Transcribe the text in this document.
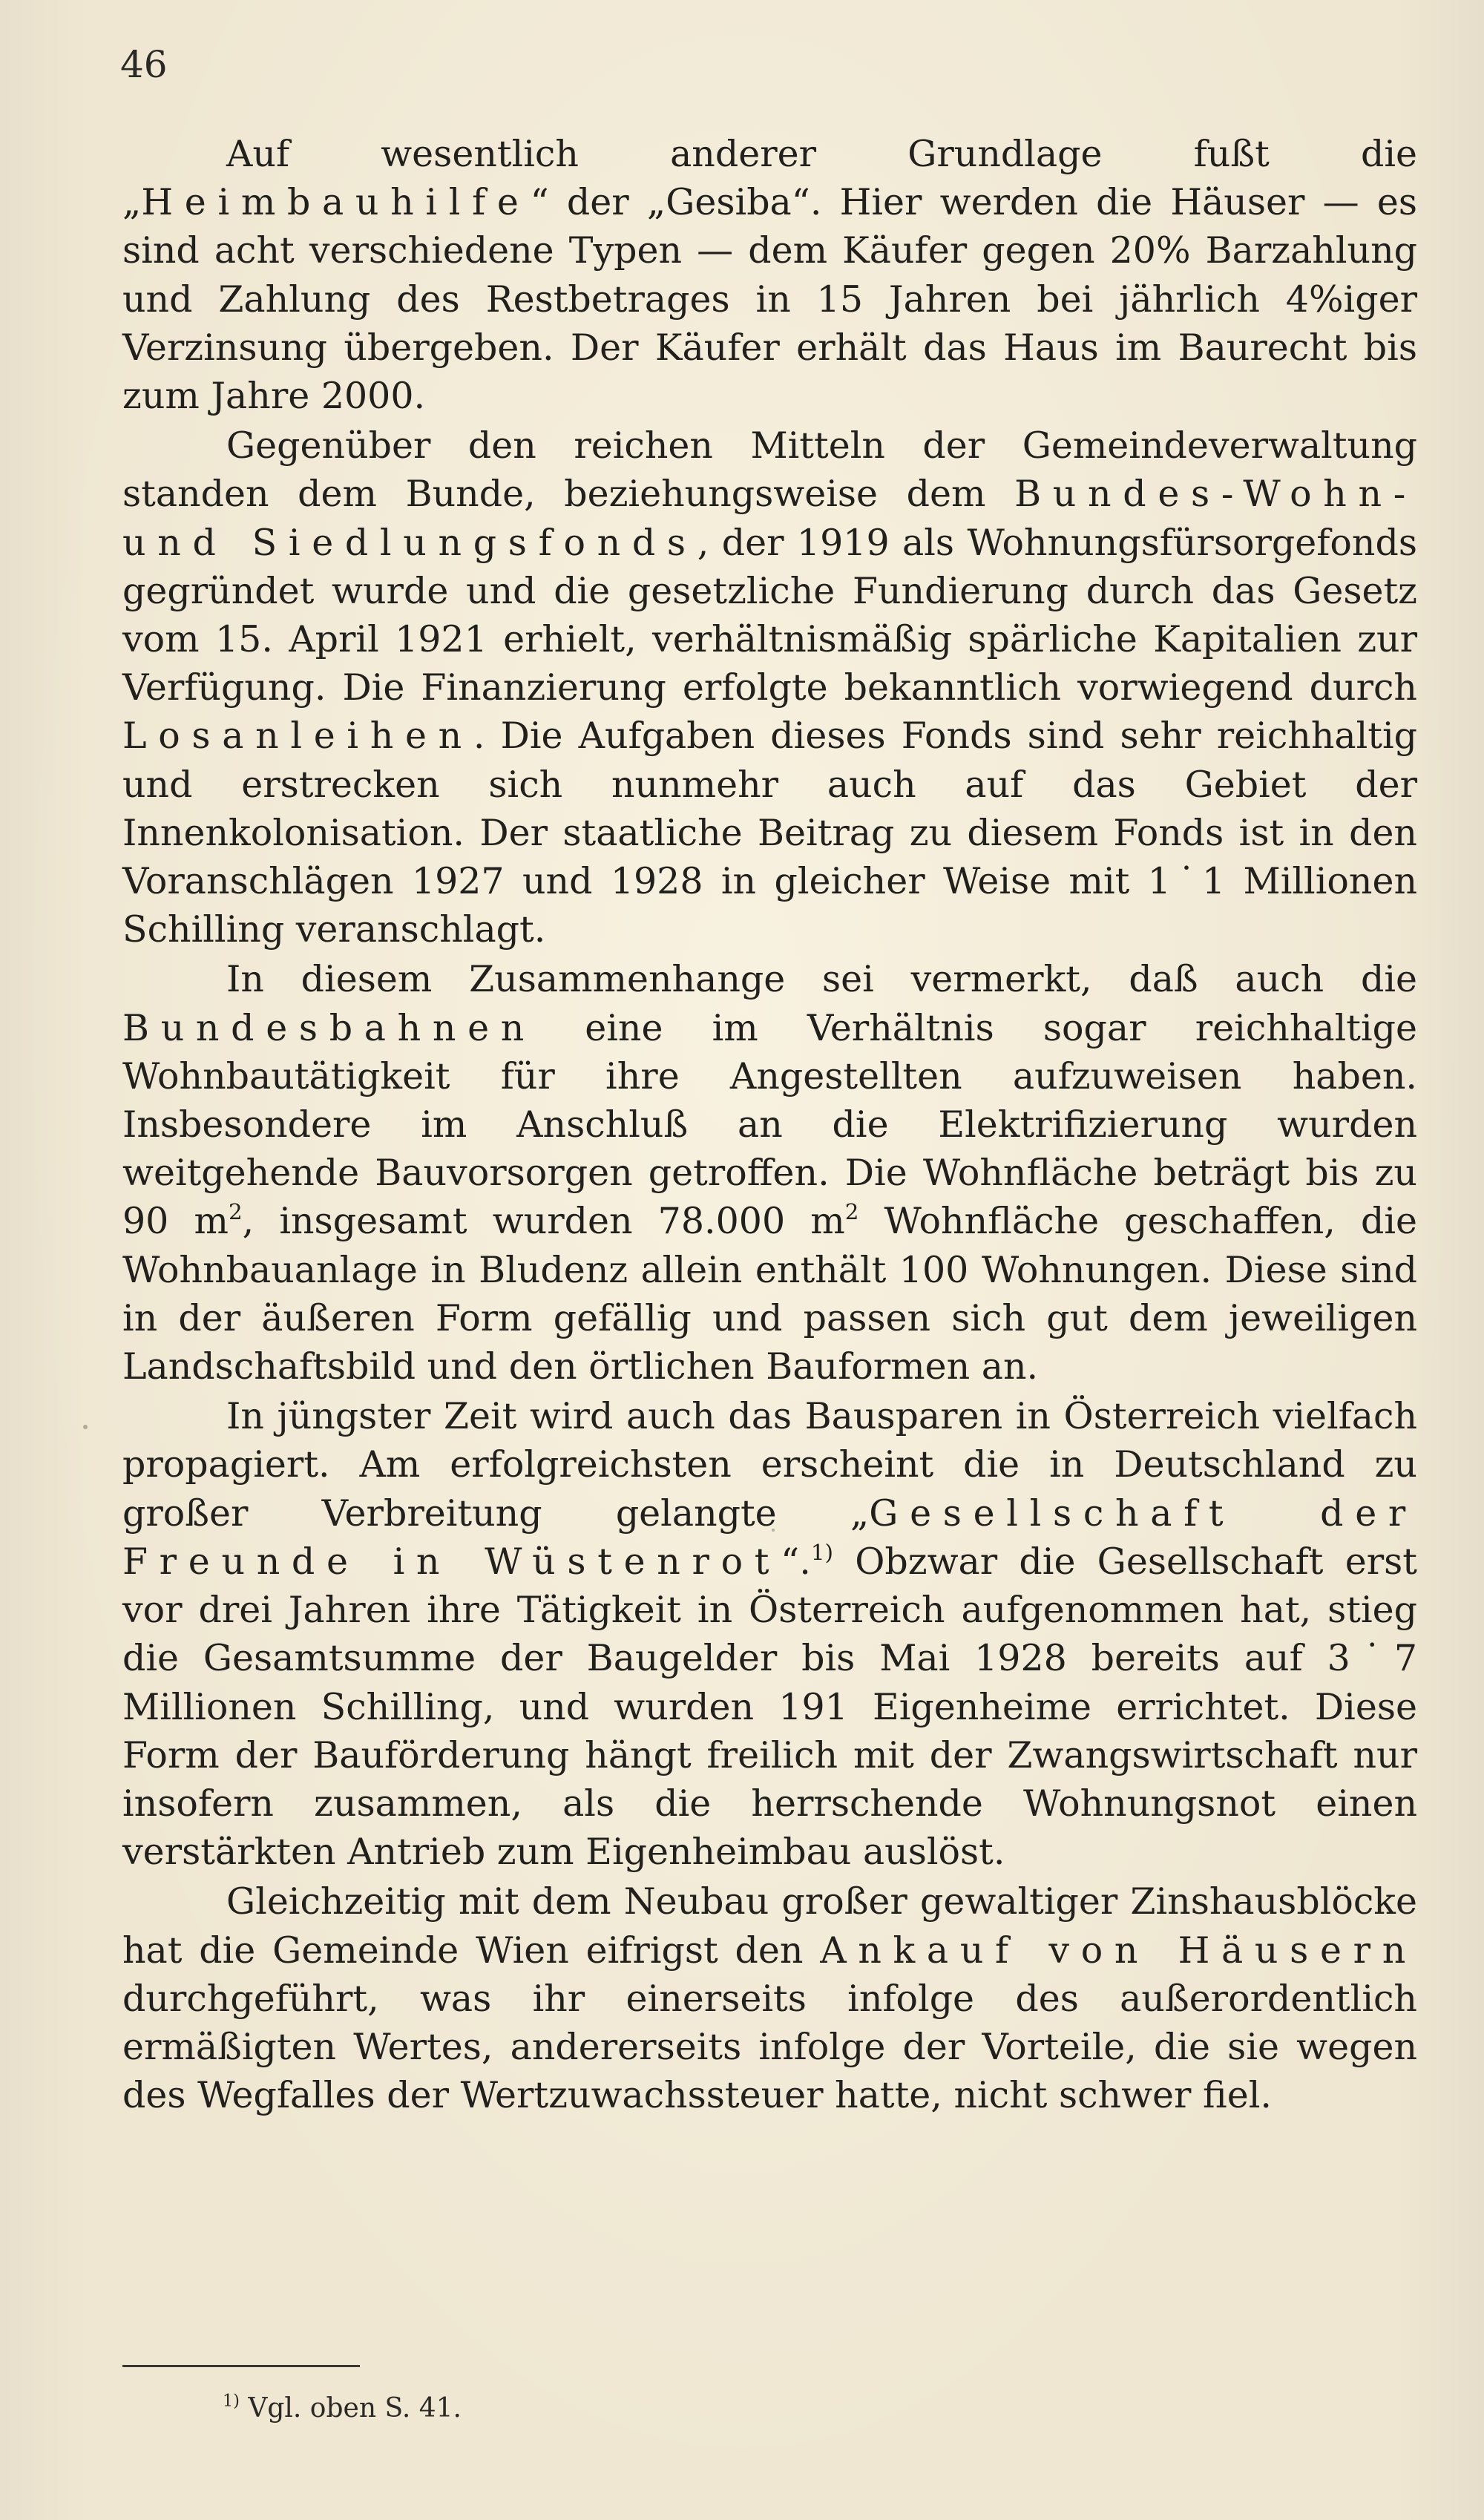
46

Auf wesentlich anderer Grundlage fußt die „Heimbauhilfe“ der „Gesiba“. Hier werden die Häuser — es sind acht verschiedene Typen — dem Käufer gegen 20% Barzahlung und Zahlung des Restbetrages in 15 Jahren bei jährlich 4%iger Verzinsung übergeben. Der Käufer erhält das Haus im Baurecht bis zum Jahre 2000.

Gegenüber den reichen Mitteln der Gemeindeverwaltung standen dem Bunde, beziehungsweise dem Bundes-Wohn- und Siedlungsfonds, der 1919 als Wohnungsfürsorgefonds gegründet wurde und die gesetzliche Fundierung durch das Gesetz vom 15. April 1921 erhielt, verhältnismäßig spärliche Kapitalien zur Verfügung. Die Finanzierung erfolgte bekanntlich vorwiegend durch Losanleihen. Die Aufgaben dieses Fonds sind sehr reichhaltig und erstrecken sich nunmehr auch auf das Gebiet der Innenkolonisation. Der staatliche Beitrag zu diesem Fonds ist in den Voranschlägen 1927 und 1928 in gleicher Weise mit 1˙1 Millionen Schilling veranschlagt.

In diesem Zusammenhange sei vermerkt, daß auch die Bundesbahnen eine im Verhältnis sogar reichhaltige Wohnbautätigkeit für ihre Angestellten aufzuweisen haben. Insbesondere im Anschluß an die Elektrifizierung wurden weitgehende Bauvorsorgen getroffen. Die Wohnfläche beträgt bis zu 90 $m^2$, insgesamt wurden 78.000 $m^2$ Wohnfläche geschaffen, die Wohnbauanlage in Bludenz allein enthält 100 Wohnungen. Diese sind in der äußeren Form gefällig und passen sich gut dem jeweiligen Landschaftsbild und den örtlichen Bauformen an.

In jüngster Zeit wird auch das Bausparen in Österreich vielfach propagiert. Am erfolgreichsten erscheint die in Deutschland zu großer Verbreitung gelangte „Gesellschaft der Freunde in Wüstenrot“.$^{1)}$ Obzwar die Gesellschaft erst vor drei Jahren ihre Tätigkeit in Österreich aufgenommen hat, stieg die Gesamtsumme der Baugelder bis Mai 1928 bereits auf 3˙7 Millionen Schilling, und wurden 191 Eigenheime errichtet. Diese Form der Bauförderung hängt freilich mit der Zwangswirtschaft nur insofern zusammen, als die herrschende Wohnungsnot einen verstärkten Antrieb zum Eigenheimbau auslöst.

Gleichzeitig mit dem Neubau großer gewaltiger Zinshausblöcke hat die Gemeinde Wien eifrigst den Ankauf von Häusern durchgeführt, was ihr einerseits infolge des außerordentlich ermäßigten Wertes, andererseits infolge der Vorteile, die sie wegen des Wegfalles der Wertzuwachssteuer hatte, nicht schwer fiel.

$^{1)}$ Vgl. oben S. 41.
